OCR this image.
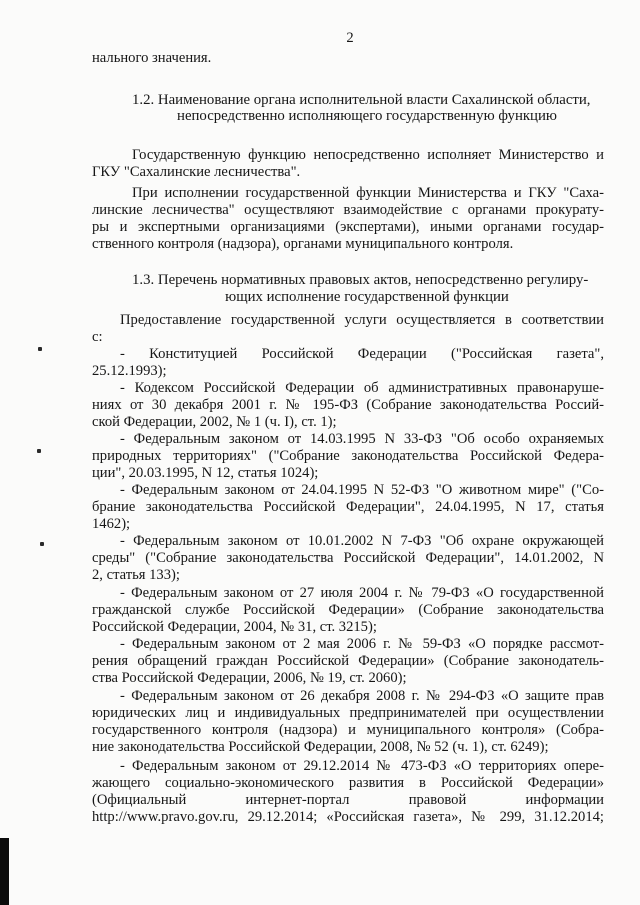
2
нального значения.
1.2. Наименование органа исполнительной власти Сахалинской области,
непосредственно исполняющего государственную функцию
Государственную функцию непосредственно исполняет Министерство и
ГКУ "Сахалинские лесничества".
При исполнении государственной функции Министерства и ГКУ "Саха-
линские лесничества" осуществляют взаимодействие с органами прокурату-
ры и экспертными организациями (экспертами), иными органами государ-
ственного контроля (надзора), органами муниципального контроля.
1.3. Перечень нормативных правовых актов, непосредственно регулиру-
ющих исполнение государственной функции
Предоставление государственной услуги осуществляется в соответствии
с:
- Конституцией Российской Федерации ("Российская газета",
25.12.1993);
- Кодексом Российской Федерации об административных правонаруше-
ниях от 30 декабря 2001 г. № 195-ФЗ (Собрание законодательства Россий-
ской Федерации, 2002, № 1 (ч. I), ст. 1);
- Федеральным законом от 14.03.1995 N 33-ФЗ "Об особо охраняемых
природных территориях" ("Собрание законодательства Российской Федера-
ции", 20.03.1995, N 12, статья 1024);
- Федеральным законом от 24.04.1995 N 52-ФЗ "О животном мире" ("Со-
брание законодательства Российской Федерации", 24.04.1995, N 17, статья
1462);
- Федеральным законом от 10.01.2002 N 7-ФЗ "Об охране окружающей
среды" ("Собрание законодательства Российской Федерации", 14.01.2002, N
2, статья 133);
- Федеральным законом от 27 июля 2004 г. № 79-ФЗ «О государственной
гражданской службе Российской Федерации» (Собрание законодательства
Российской Федерации, 2004, № 31, ст. 3215);
- Федеральным законом от 2 мая 2006 г. № 59-ФЗ «О порядке рассмот-
рения обращений граждан Российской Федерации» (Собрание законодатель-
ства Российской Федерации, 2006, № 19, ст. 2060);
- Федеральным законом от 26 декабря 2008 г. № 294-ФЗ «О защите прав
юридических лиц и индивидуальных предпринимателей при осуществлении
государственного контроля (надзора) и муниципального контроля» (Собра-
ние законодательства Российской Федерации, 2008, № 52 (ч. 1), ст. 6249);
- Федеральным законом от 29.12.2014 № 473-ФЗ «О территориях опере-
жающего социально-экономического развития в Российской Федерации»
(Официальный интернет-портал правовой информации
http://www.pravo.gov.ru, 29.12.2014; «Российская газета», № 299, 31.12.2014;
